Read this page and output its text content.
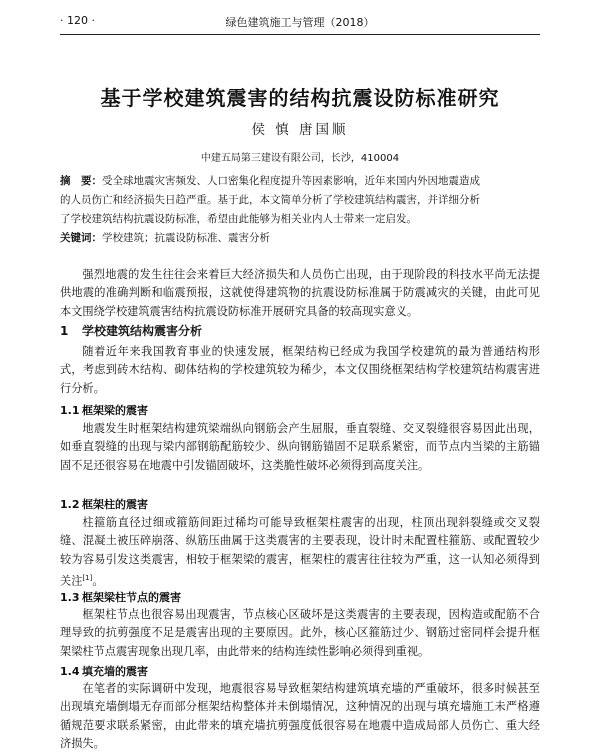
· 120 ·	绿色建筑施工与管理（2018）
基于学校建筑震害的结构抗震设防标准研究
侯 慎 唐国顺
中建五局第三建设有限公司，长沙，410004
摘　要：受全球地震灾害频发、人口密集化程度提升等因素影响，近年来国内外因地震造成
的人员伤亡和经济损失日趋严重。基于此，本文简单分析了学校建筑结构震害，并详细分析
了学校建筑结构抗震设防标准，希望由此能够为相关业内人士带来一定启发。
关键词：学校建筑；抗震设防标准、震害分析
强烈地震的发生往往会来着巨大经济损失和人员伤亡出现，由于现阶段的科技水平尚无法提供地震的准确判断和临震预报，这就使得建筑物的抗震设防标准属于防震减灾的关键，由此可见本文围绕学校建筑震害结构抗震设防标准开展研究具备的较高现实意义。
1 学校建筑结构震害分析
随着近年来我国教育事业的快速发展，框架结构已经成为我国学校建筑的最为普通结构形式，考虑到砖木结构、砌体结构的学校建筑较为稀少，本文仅围绕框架结构学校建筑结构震害进行分析。
1.1 框架梁的震害
地震发生时框架结构建筑梁端纵向钢筋会产生屈服，垂直裂缝、交叉裂缝很容易因此出现，如垂直裂缝的出现与梁内部钢筋配筋较少、纵向钢筋锚固不足联系紧密，而节点内当梁的主筋锚固不足还很容易在地震中引发锚固破坏，这类脆性破坏必须得到高度关注。
1.2 框架柱的震害
柱箍筋直径过细或箍筋间距过稀均可能导致框架柱震害的出现，柱顶出现斜裂缝或交叉裂缝、混凝土被压碎崩落、纵筋压曲属于这类震害的主要表现，设计时未配置柱箍筋、或配置较少较为容易引发这类震害，相较于框架梁的震害，框架柱的震害往往较为严重，这一认知必须得到关注[1]。
1.3 框架梁柱节点的震害
框架柱节点也很容易出现震害，节点核心区破坏是这类震害的主要表现，因构造或配筋不合理导致的抗剪强度不足是震害出现的主要原因。此外，核心区箍筋过少、钢筋过密同样会提升框架梁柱节点震害现象出现几率，由此带来的结构连续性影响必须得到重视。
1.4 填充墙的震害
在笔者的实际调研中发现，地震很容易导致框架结构建筑填充墙的严重破坏，很多时候甚至出现填充墙倒塌无存而部分框架结构整体并未倒塌情况，这种情况的出现与填充墙施工未严格遵循规范要求联系紧密，由此带来的填充墙抗剪强度低很容易在地震中造成局部人员伤亡、重大经济损失。
